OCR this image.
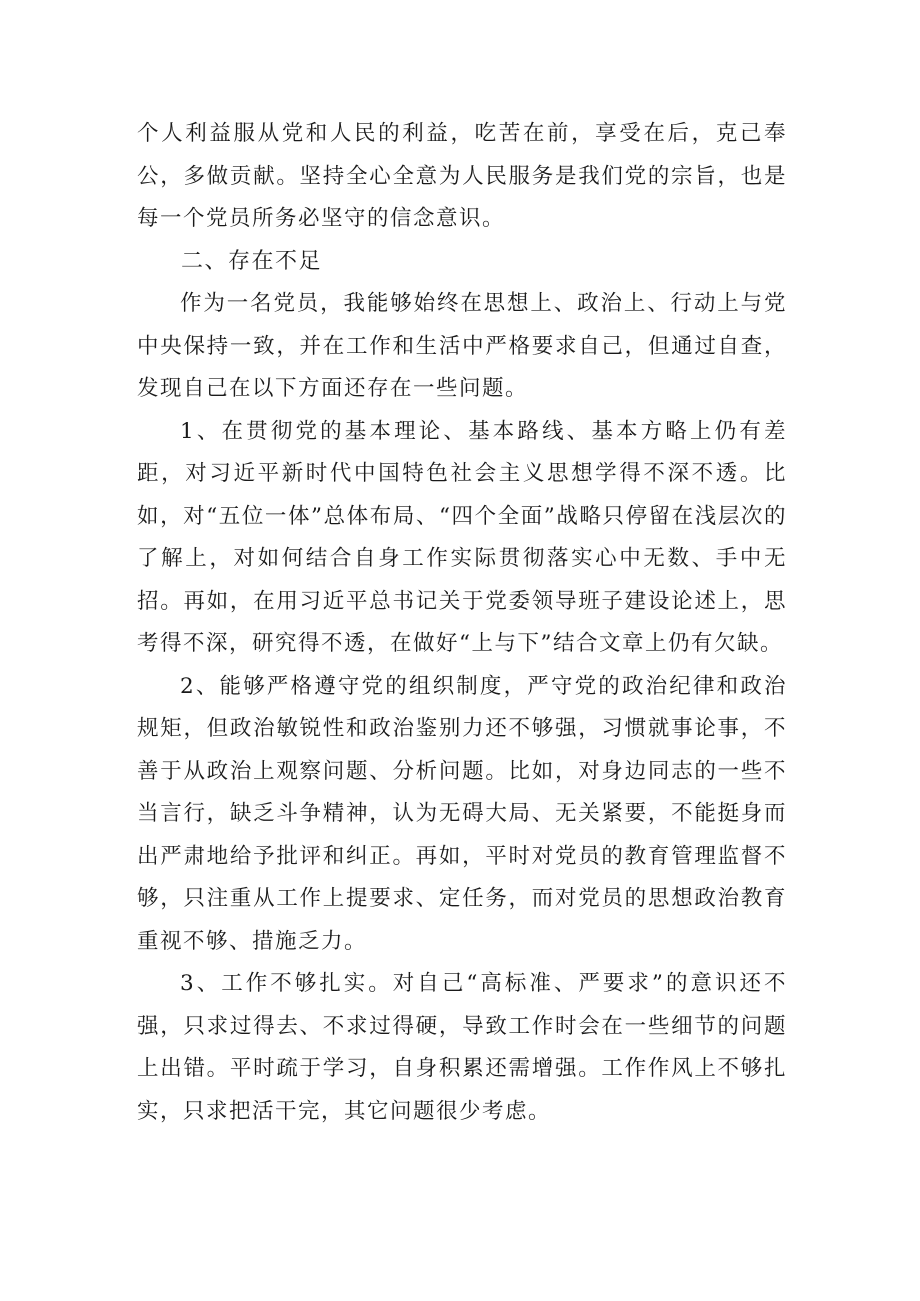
个人利益服从党和人民的利益，吃苦在前，享受在后，克己奉公，多做贡献。坚持全心全意为人民服务是我们党的宗旨，也是每一个党员所务必坚守的信念意识。

二、存在不足

作为一名党员，我能够始终在思想上、政治上、行动上与党中央保持一致，并在工作和生活中严格要求自己，但通过自查，发现自己在以下方面还存在一些问题。

1、在贯彻党的基本理论、基本路线、基本方略上仍有差距，对习近平新时代中国特色社会主义思想学得不深不透。比如，对“五位一体”总体布局、“四个全面”战略只停留在浅层次的了解上，对如何结合自身工作实际贯彻落实心中无数、手中无招。再如，在用习近平总书记关于党委领导班子建设论述上，思考得不深，研究得不透，在做好“上与下”结合文章上仍有欠缺。

2、能够严格遵守党的组织制度，严守党的政治纪律和政治规矩，但政治敏锐性和政治鉴别力还不够强，习惯就事论事，不善于从政治上观察问题、分析问题。比如，对身边同志的一些不当言行，缺乏斗争精神，认为无碍大局、无关紧要，不能挺身而出严肃地给予批评和纠正。再如，平时对党员的教育管理监督不够，只注重从工作上提要求、定任务，而对党员的思想政治教育重视不够、措施乏力。

3、工作不够扎实。对自己“高标准、严要求”的意识还不强，只求过得去、不求过得硬，导致工作时会在一些细节的问题上出错。平时疏于学习，自身积累还需增强。工作作风上不够扎实，只求把活干完，其它问题很少考虑。
